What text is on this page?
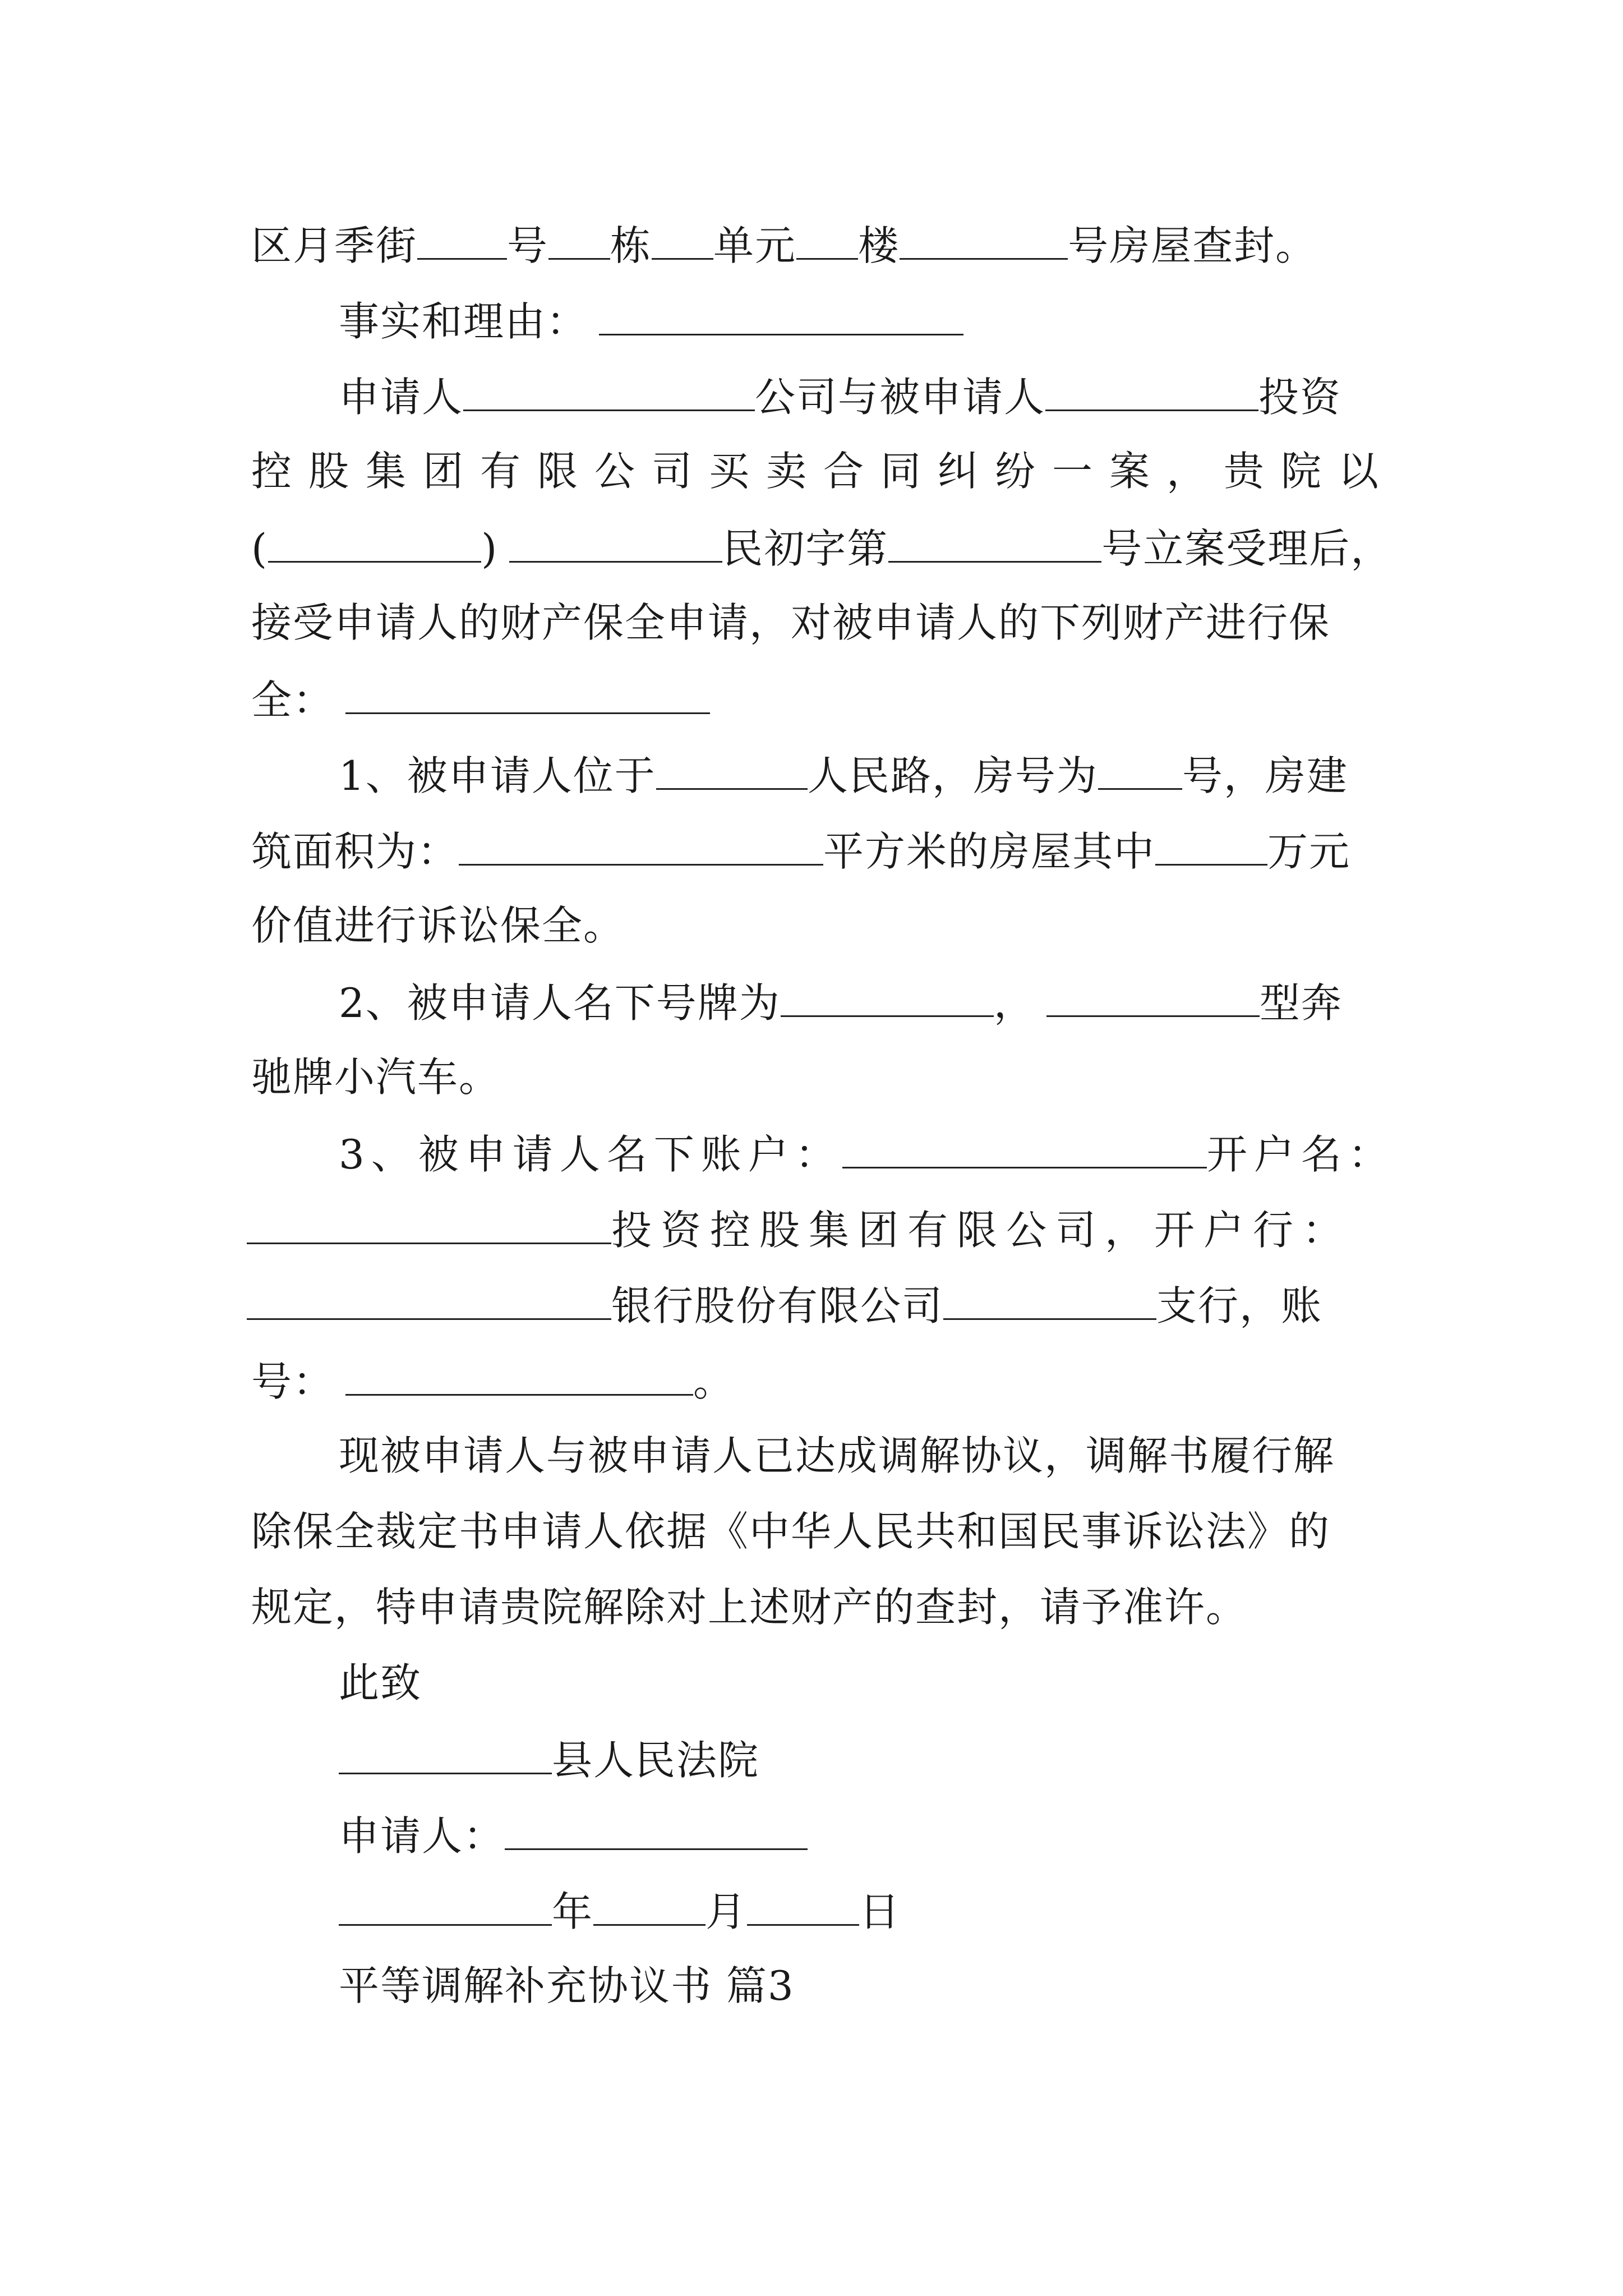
区月季街 号 栋 单元 楼	号房屋查封。
事实和理由：
申请人	公司与被申请人	投资
控股集团有限公司买卖合同纠纷一案，贵院以
(	)	民初字第	号立案受理后，
接受申请人的财产保全申请，对被申请人的下列财产进行保
全：
1、被申请人位于	人民路，房号为 号，房建
筑面积为：	平方米的房屋其中	万元
价值进行诉讼保全。
2、被申请人名下号牌为	，	型奔
驰牌小汽车。
3、被申请人名下账户：	开户名：
投资控股集团有限公司，开户行：
银行股份有限公司	支行，账
号：	。
现被申请人与被申请人已达成调解协议，调解书履行解
除保全裁定书申请人依据《中华人民共和国民事诉讼法》的
规定，特申请贵院解除对上述财产的查封，请予准许。
此致
县人民法院
申请人：
年	月	日
平等调解补充协议书 篇3
